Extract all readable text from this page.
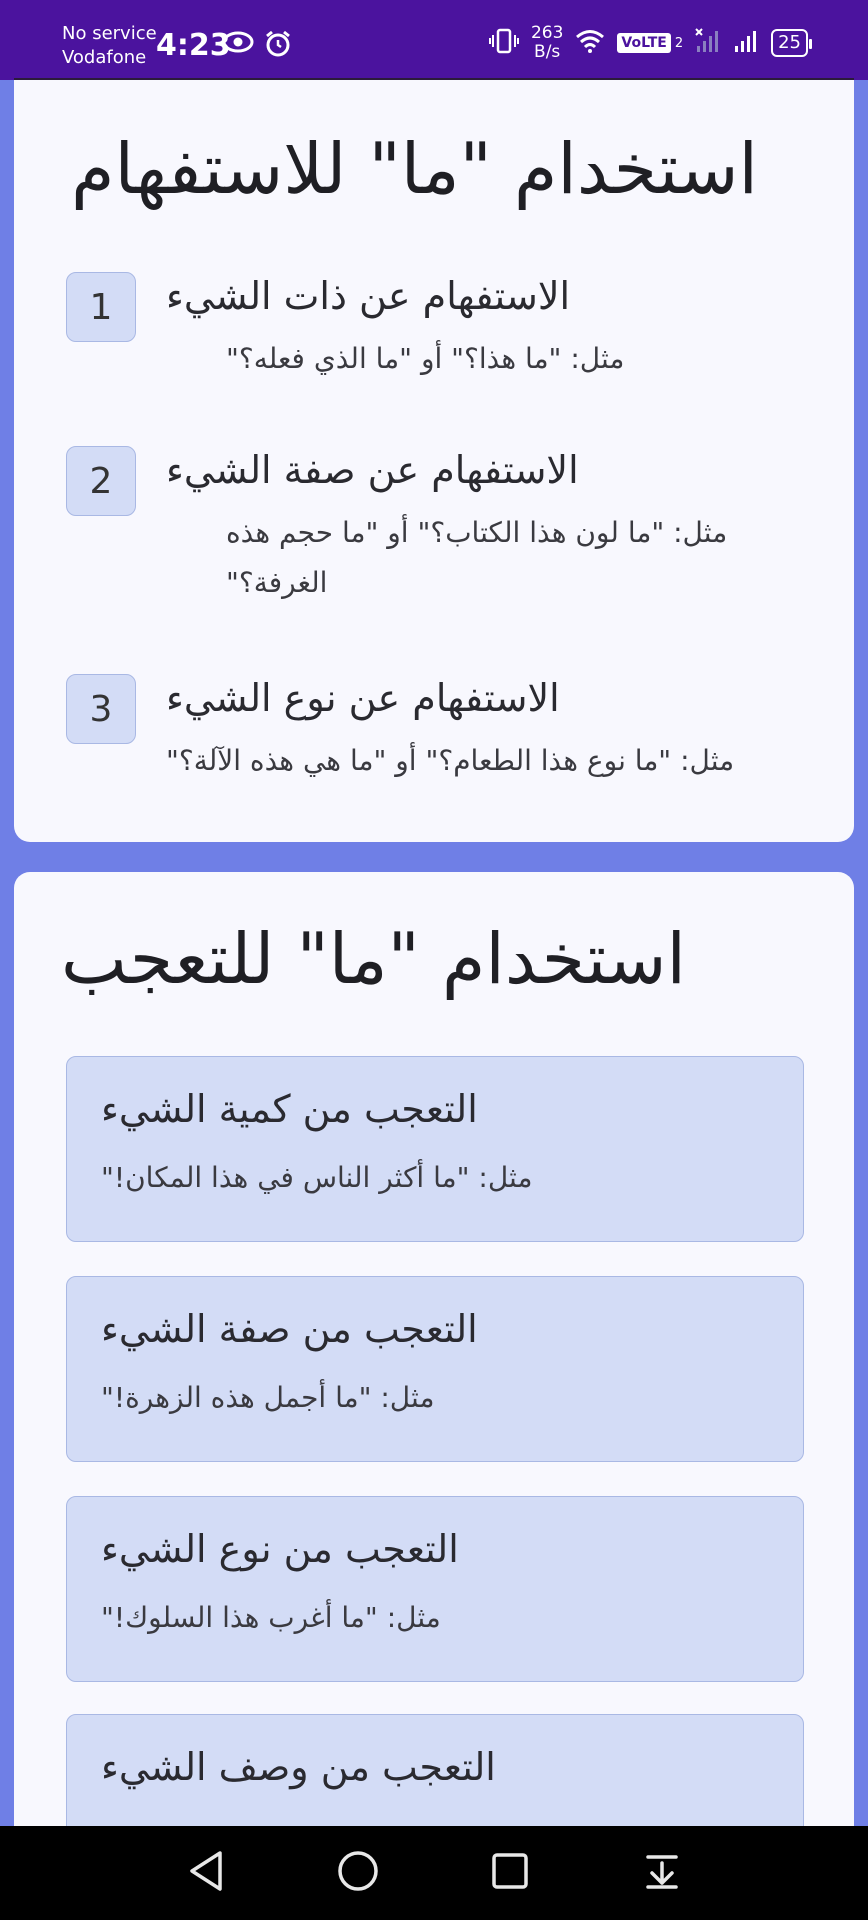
No service
Vodafone 4:23	263
B/s	VoLTE 2	25
استخدام "ما" للاستفهام
1	الاستفهام عن ذات الشيء
مثل: "ما هذا؟" أو "ما الذي فعله؟"
2	الاستفهام عن صفة الشيء
مثل: "ما لون هذا الكتاب؟" أو "ما حجم هذه الغرفة؟"
3	الاستفهام عن نوع الشيء
مثل: "ما نوع هذا الطعام؟" أو "ما هي هذه الآلة؟"
استخدام "ما" للتعجب
التعجب من كمية الشيء
مثل: "ما أكثر الناس في هذا المكان!"
التعجب من صفة الشيء
مثل: "ما أجمل هذه الزهرة!"
التعجب من نوع الشيء
مثل: "ما أغرب هذا السلوك!"
التعجب من وصف الشيء
